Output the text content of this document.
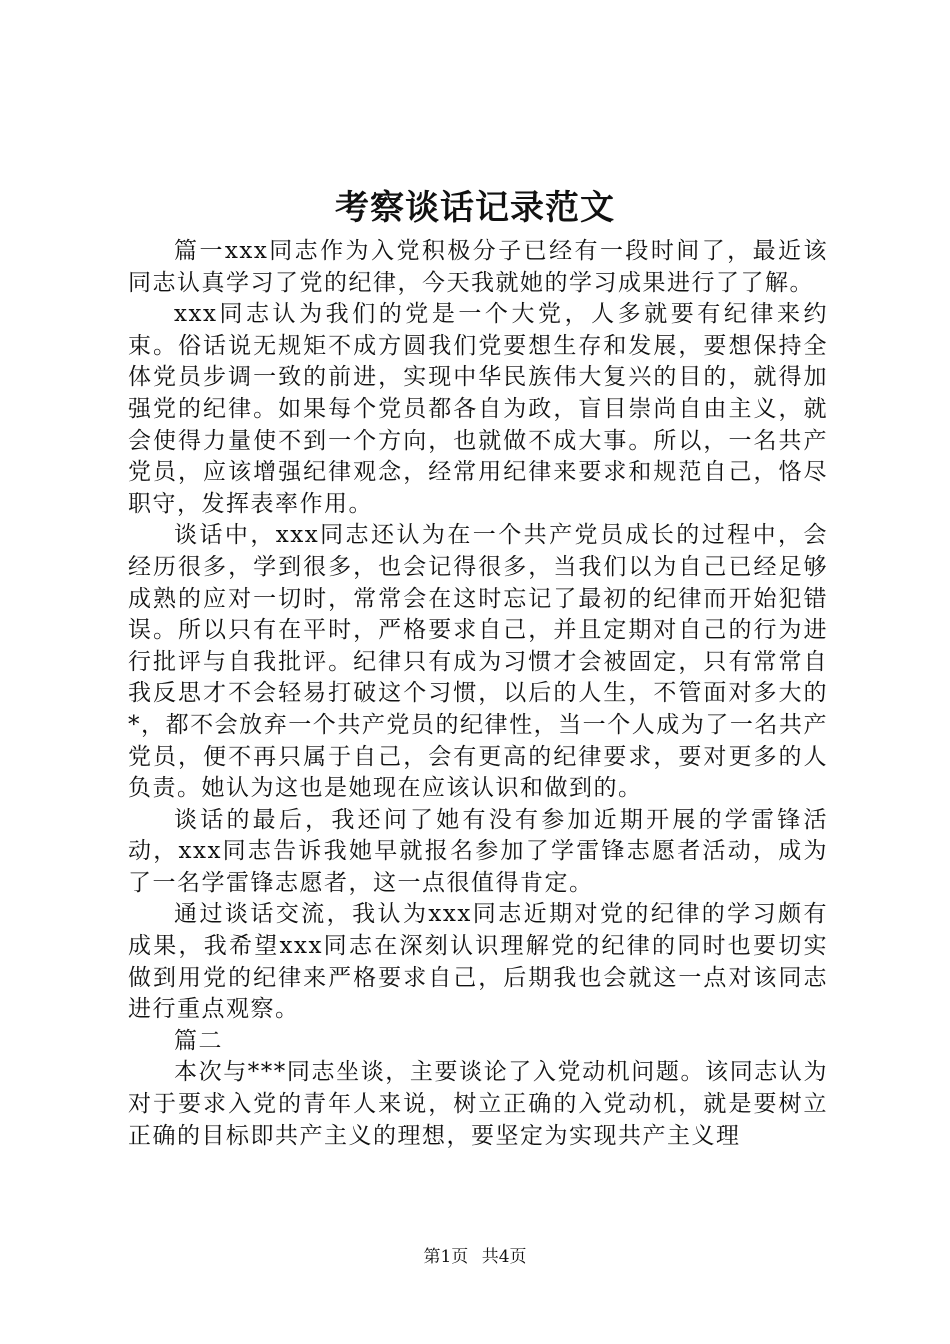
考察谈话记录范文

篇一xxx同志作为入党积极分子已经有一段时间了，最近该同志认真学习了党的纪律，今天我就她的学习成果进行了了解。

xxx同志认为我们的党是一个大党，人多就要有纪律来约束。俗话说无规矩不成方圆我们党要想生存和发展，要想保持全体党员步调一致的前进，实现中华民族伟大复兴的目的，就得加强党的纪律。如果每个党员都各自为政，盲目崇尚自由主义，就会使得力量使不到一个方向，也就做不成大事。所以，一名共产党员，应该增强纪律观念，经常用纪律来要求和规范自己，恪尽职守，发挥表率作用。

谈话中，xxx同志还认为在一个共产党员成长的过程中，会经历很多，学到很多，也会记得很多，当我们以为自己已经足够成熟的应对一切时，常常会在这时忘记了最初的纪律而开始犯错误。所以只有在平时，严格要求自己，并且定期对自己的行为进行批评与自我批评。纪律只有成为习惯才会被固定，只有常常自我反思才不会轻易打破这个习惯，以后的人生，不管面对多大的*，都不会放弃一个共产党员的纪律性，当一个人成为了一名共产党员，便不再只属于自己，会有更高的纪律要求，要对更多的人负责。她认为这也是她现在应该认识和做到的。

谈话的最后，我还问了她有没有参加近期开展的学雷锋活动，xxx同志告诉我她早就报名参加了学雷锋志愿者活动，成为了一名学雷锋志愿者，这一点很值得肯定。

通过谈话交流，我认为xxx同志近期对党的纪律的学习颇有成果，我希望xxx同志在深刻认识理解党的纪律的同时也要切实做到用党的纪律来严格要求自己，后期我也会就这一点对该同志进行重点观察。

篇二

本次与***同志坐谈，主要谈论了入党动机问题。该同志认为对于要求入党的青年人来说，树立正确的入党动机，就是要树立正确的目标即共产主义的理想，要坚定为实现共产主义理

第1页 共4页
